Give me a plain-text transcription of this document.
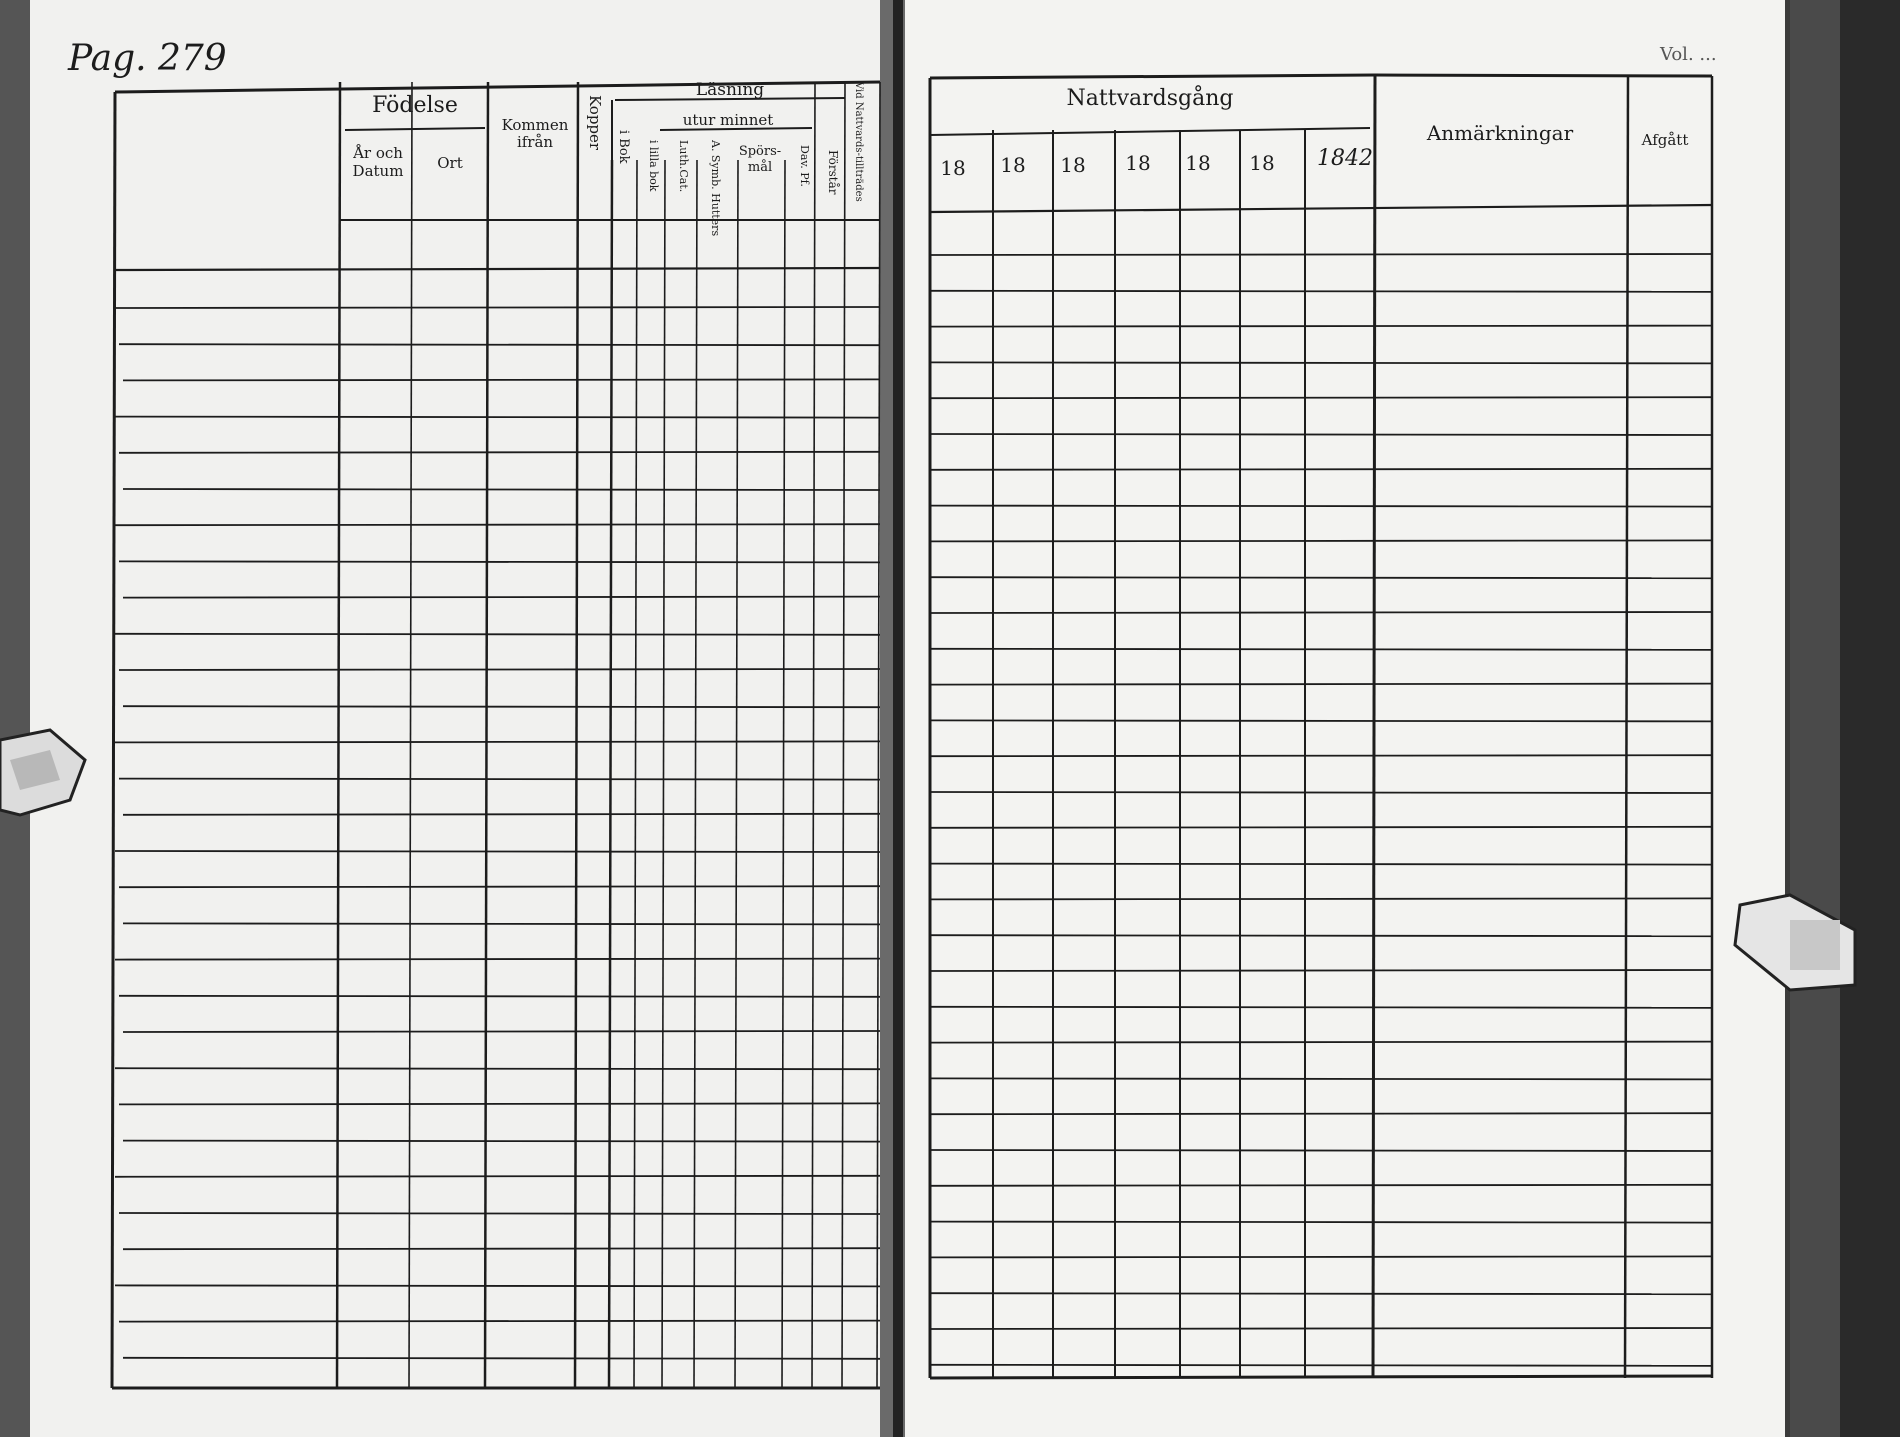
Pag. 279
Födelse
År och
Datum Ort
Kommen
ifrån Kopper
Läsning
utur minnet
i Bok i lilla bok Luth.Cat. A. Symb. Hutters Spörs-
mål Dav. Pf. Förstår Vid Nattvards-tillträdes	Nattvardsgång
18 18 18 18 18 18 1842
Anmärkningar	Afgått
Vol. ...
